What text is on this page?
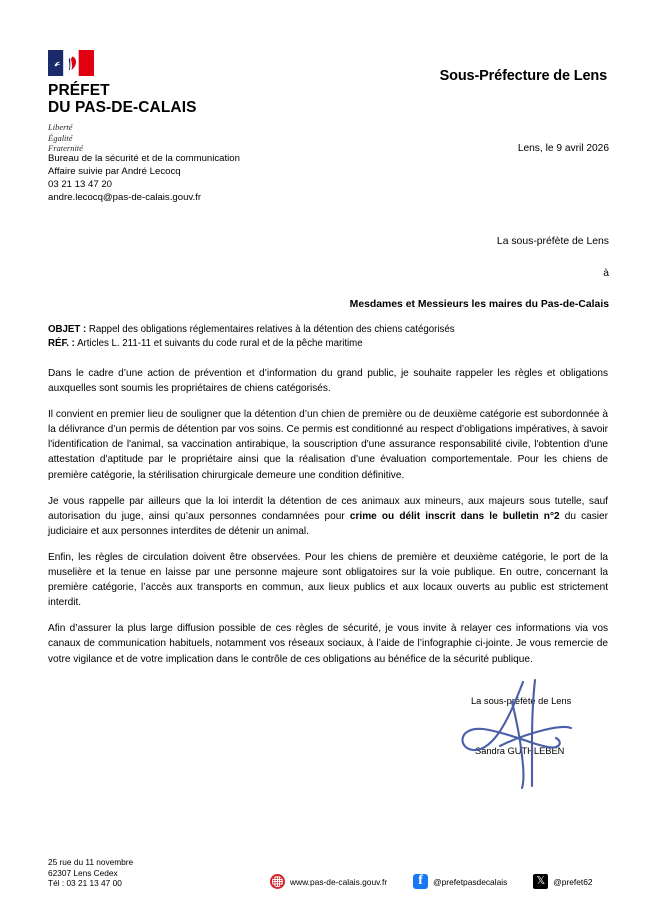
PRÉFET
DU PAS-DE-CALAIS
Liberté
Égalité
Fraternité
Sous-Préfecture de Lens
Bureau de la sécurité et de la communication
Affaire suivie par André Lecocq
03 21 13 47 20
andre.lecocq@pas-de-calais.gouv.fr
Lens, le 9 avril 2026
La sous-préfète de Lens
à
Mesdames et Messieurs les maires du Pas-de-Calais
OBJET : Rappel des obligations réglementaires relatives à la détention des chiens catégorisés
RÉF. : Articles L. 211-11 et suivants du code rural et de la pêche maritime

Dans le cadre d’une action de prévention et d’information du grand public, je souhaite rappeler les règles et obligations auxquelles sont soumis les propriétaires de chiens catégorisés.

Il convient en premier lieu de souligner que la détention d’un chien de première ou de deuxième catégorie est subordonnée à la délivrance d’un permis de détention par vos soins. Ce permis est conditionné au respect d’obligations impératives, à savoir l'identification de l'animal, sa vaccination antirabique, la souscription d'une assurance responsabilité civile, l'obtention d'une attestation d'aptitude par le propriétaire ainsi que la réalisation d’une évaluation comportementale. Pour les chiens de première catégorie, la stérilisation chirurgicale demeure une condition définitive.

Je vous rappelle par ailleurs que la loi interdit la détention de ces animaux aux mineurs, aux majeurs sous tutelle, sauf autorisation du juge, ainsi qu’aux personnes condamnées pour crime ou délit inscrit dans le bulletin n°2 du casier judiciaire et aux personnes interdites de détenir un animal.

Enfin, les règles de circulation doivent être observées. Pour les chiens de première et deuxième catégorie, le port de la muselière et la tenue en laisse par une personne majeure sont obligatoires sur la voie publique. En outre, concernant la première catégorie, l’accès aux transports en commun, aux lieux publics et aux locaux ouverts au public est strictement interdit.

Afin d’assurer la plus large diffusion possible de ces règles de sécurité, je vous invite à relayer ces informations via vos canaux de communication habituels, notamment vos réseaux sociaux, à l’aide de l’infographie ci-jointe. Je vous remercie de votre vigilance et de votre implication dans le contrôle de ces obligations au bénéfice de la sécurité publique.

La sous-préfète de Lens
Sandra GUTHLEBEN
25 rue du 11 novembre
62307 Lens Cedex
Tél : 03 21 13 47 00	www.pas-de-calais.gouv.fr f	@prefetpasdecalais 𝕏	@prefet62
